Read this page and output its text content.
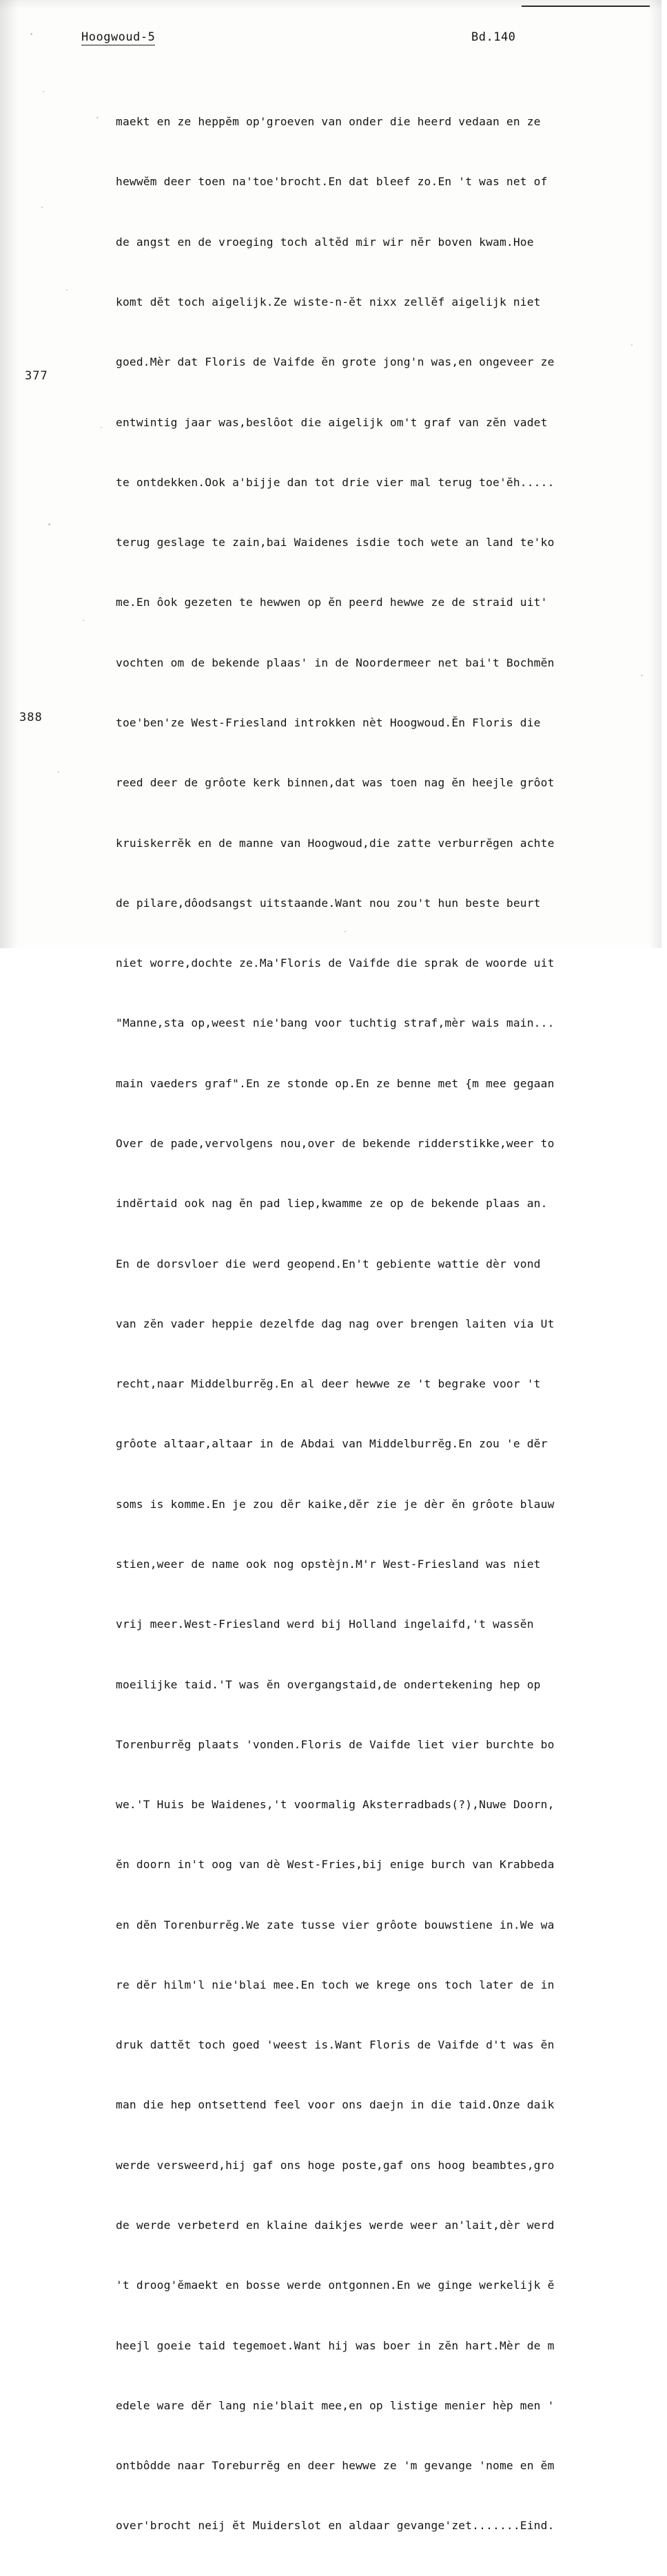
Hoogwoud-5	Bd.140
377
388

maekt en ze heppĕm op'groeven van onder die heerd vedaan en ze

hewwĕm deer toen na'toe'brocht.En dat bleef zo.En 't was net of

de angst en de vroeging toch altĕd mir wir nĕr boven kwam.Hoe

komt dĕt toch aigelijk.Ze wiste-n-ĕt nixx zellĕf aigelijk niet

goed.Mèr dat Floris de Vaifde ĕn grote jong'n was,en ongeveer ze

entwintig jaar was,beslôot die aigelijk om't graf van zĕn vadet

te ontdekken.Ook a'bijje dan tot drie vier mal terug toe'ĕh.....

terug geslage te zain,bai Waidenes isdie toch wete an land te'ko

me.En ôok gezeten te hewwen op ĕn peerd hewwe ze de straid uit'

vochten om de bekende plaas' in de Noordermeer net bai't Bochmĕn

toe'ben'ze West-Friesland introkken nèt Hoogwoud.Ĕn Floris die

reed deer de grôote kerk binnen,dat was toen nag ĕn heejle grôot

kruiskerrĕk en de manne van Hoogwoud,die zatte verburrĕgen achte

de pilare,dôodsangst uitstaande.Want nou zou't hun beste beurt

niet worre,dochte ze.Ma'Floris de Vaifde die sprak de woorde uit

"Manne,sta op,weest nie'bang voor tuchtig straf,mèr wais main...

main vaeders graf".En ze stonde op.En ze benne met {m mee gegaan

Over de pade,vervolgens nou,over de bekende ridderstikke,weer to

indĕrtaid ook nag ĕn pad liep,kwamme ze op de bekende plaas an.

En de dorsvloer die werd geopend.En't gebiente wattie dèr vond

van zĕn vader heppie dezelfde dag nag over brengen laiten via Ut

recht,naar Middelburrĕg.En al deer hewwe ze 't begrake voor 't

grôote altaar,altaar in de Abdai van Middelburrĕg.En zou 'e dĕr

soms is komme.En je zou dĕr kaike,dĕr zie je dèr ĕn grôote blauw

stien,weer de name ook nog opstèjn.M'r West-Friesland was niet

vrij meer.West-Friesland werd bij Holland ingelaifd,'t wassĕn

moeilijke taid.'T was ĕn overgangstaid,de ondertekening hep op

Torenburrĕg plaats 'vonden.Floris de Vaifde liet vier burchte bo

we.'T Huis be Waidenes,'t voormalig Aksterradbads(?),Nuwe Doorn,

ĕn doorn in't oog van dè West-Fries,bij enige burch van Krabbeda

en dĕn Torenburrĕg.We zate tusse vier grôote bouwstiene in.We wa

re dĕr hilm'l nie'blai mee.En toch we krege ons toch later de in

druk dattĕt toch goed 'weest is.Want Floris de Vaifde d't was ĕn

man die hep ontsettend feel voor ons daejn in die taid.Onze daik

werde versweerd,hij gaf ons hoge poste,gaf ons hoog beambtes,gro

de werde verbeterd en klaine daikjes werde weer an'lait,dèr werd

't droog'ĕmaekt en bosse werde ontgonnen.En we ginge werkelijk ĕ

heejl goeie taid tegemoet.Want hij was boer in zĕn hart.Mèr de m

edele ware dĕr lang nie'blait mee,en op listige menier hèp men '

ontbôdde naar Toreburrĕg en deer hewwe ze 'm gevange 'nome en ĕm

over'brocht neij ĕt Muiderslot en aldaar gevange'zet.......Eind.
